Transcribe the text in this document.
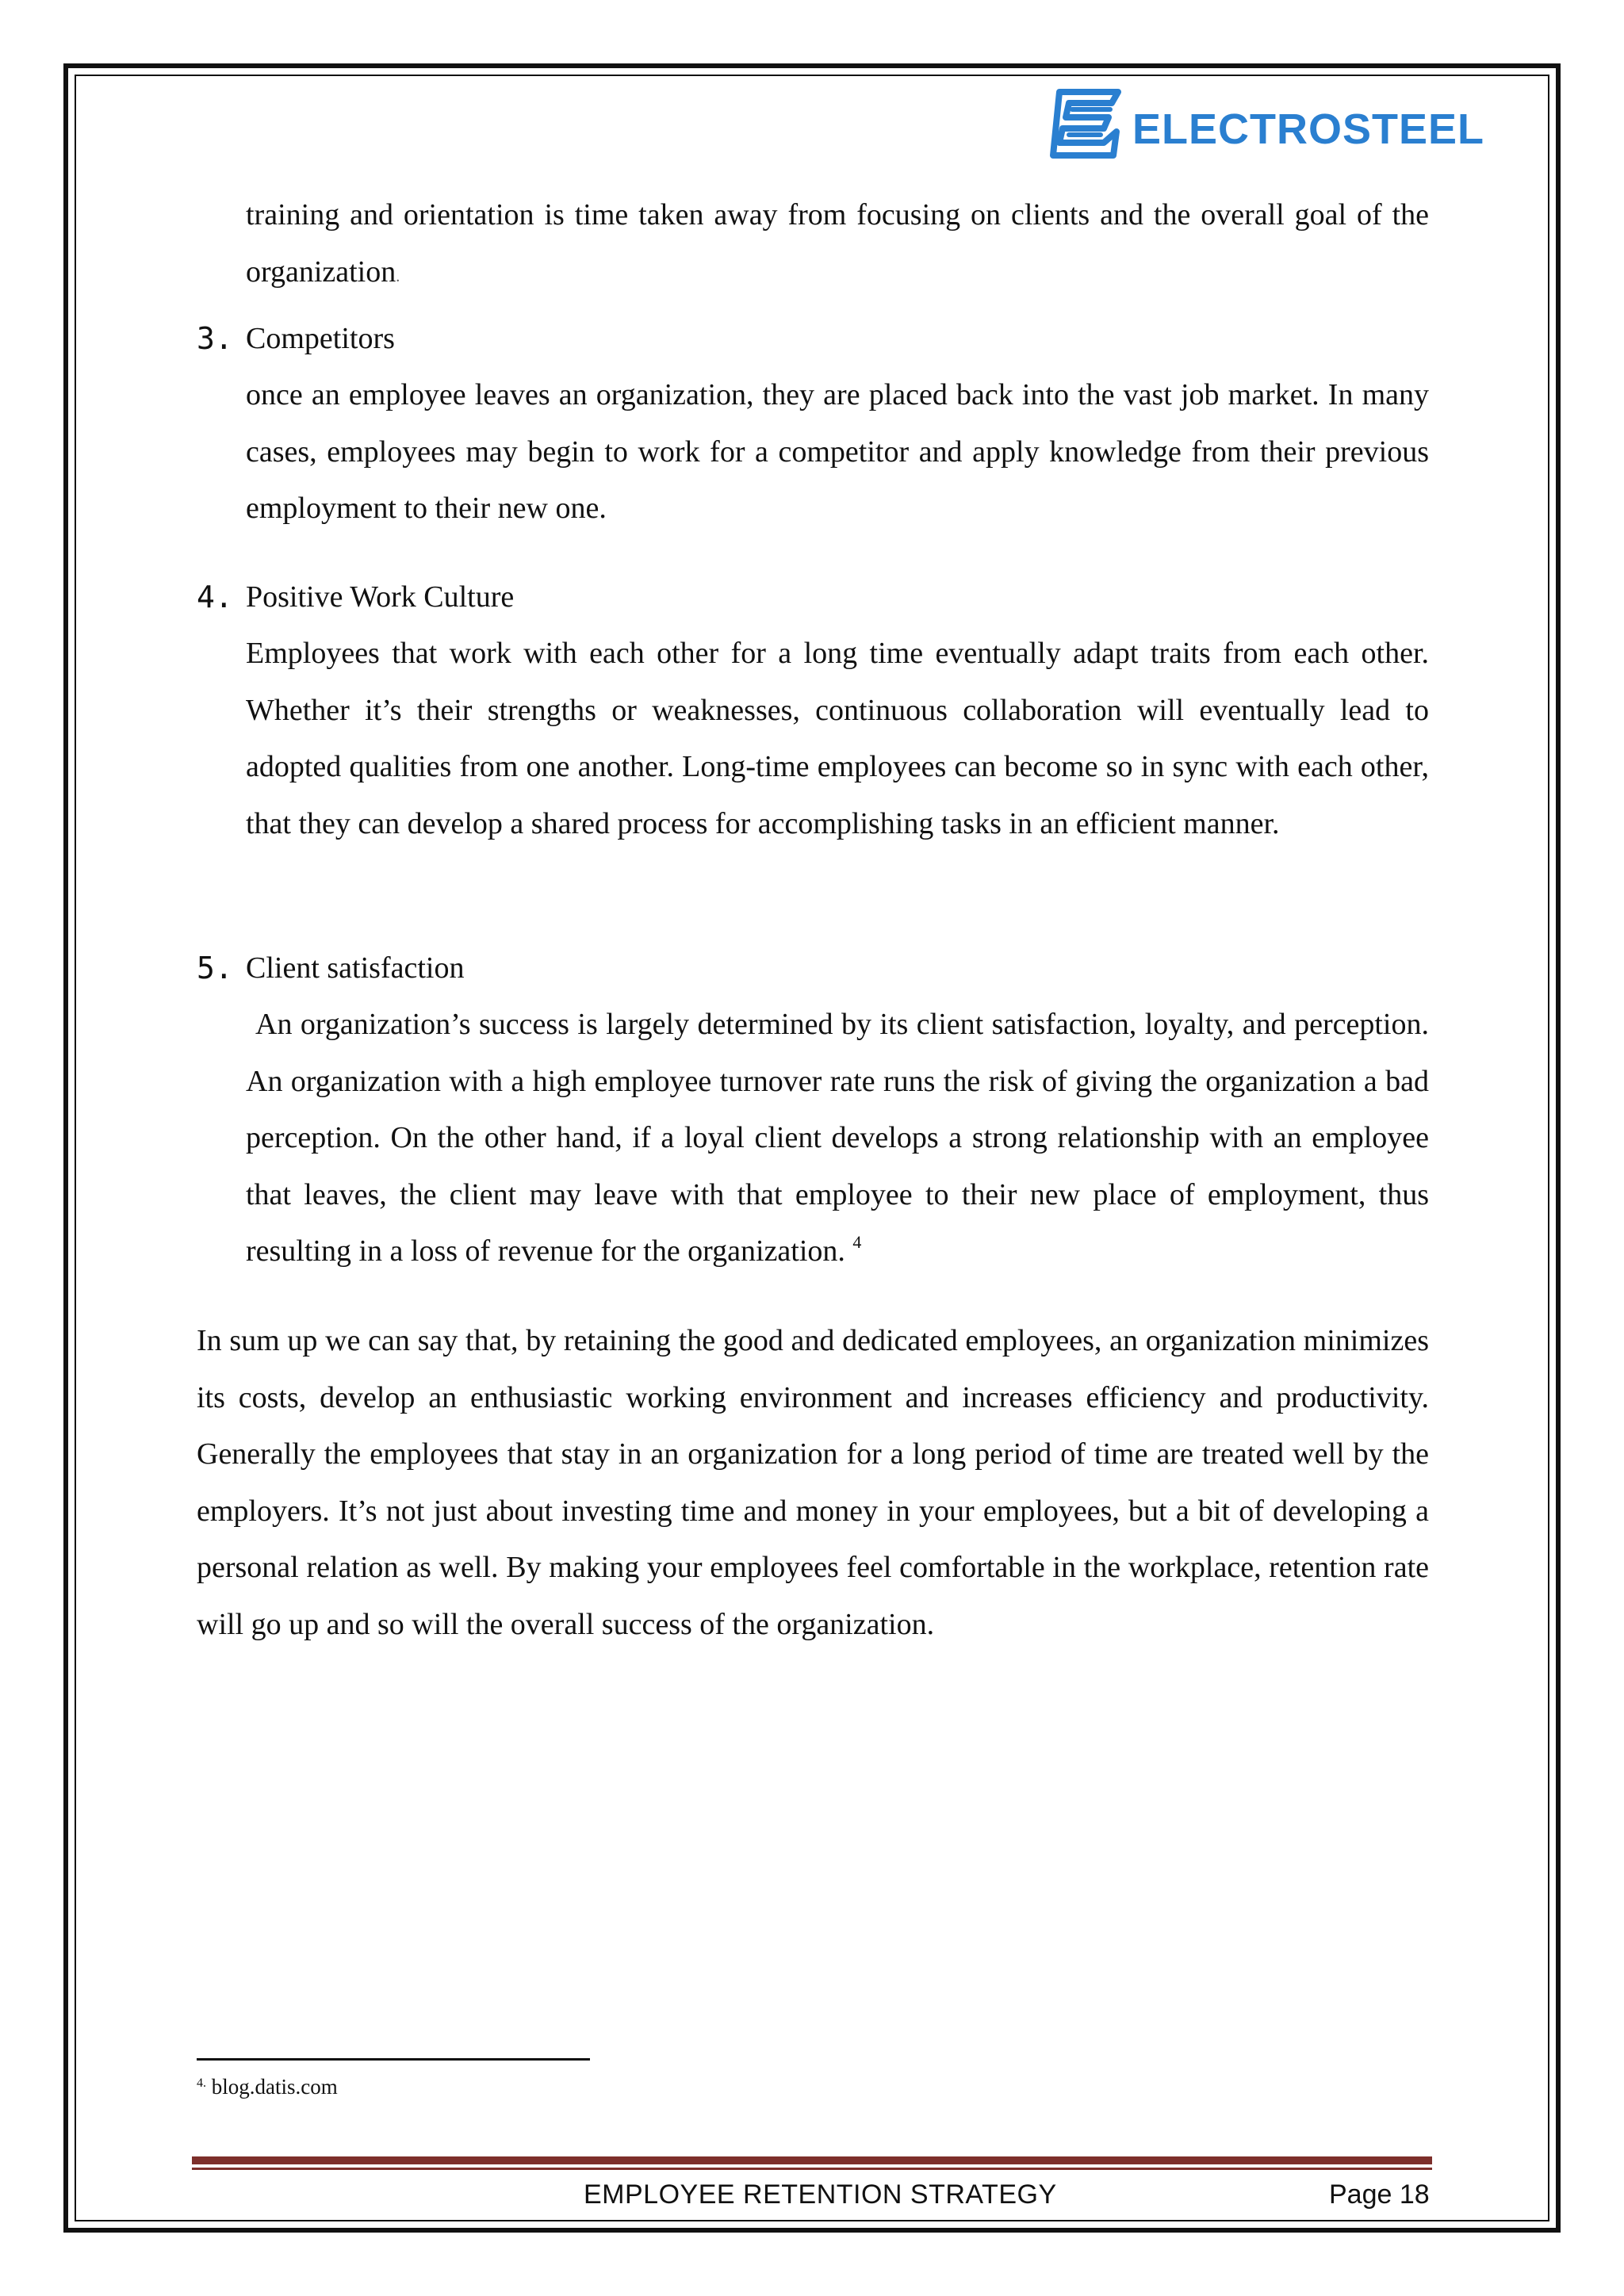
ELECTROSTEEL

training and orientation is time taken away from focusing on clients and the overall goal of the organization.

3. Competitors

once an employee leaves an organization, they are placed back into the vast job market. In many cases, employees may begin to work for a competitor and apply knowledge from their previous employment to their new one.

4. Positive Work Culture

Employees that work with each other for a long time eventually adapt traits from each other. Whether it’s their strengths or weaknesses, continuous collaboration will eventually lead to adopted qualities from one another. Long-time employees can become so in sync with each other, that they can develop a shared process for accomplishing tasks in an efficient manner.

5. Client satisfaction

An organization’s success is largely determined by its client satisfaction, loyalty, and perception. An organization with a high employee turnover rate runs the risk of giving the organization a bad perception. On the other hand, if a loyal client develops a strong relationship with an employee that leaves, the client may leave with that employee to their new place of employment, thus resulting in a loss of revenue for the organization. $^4$

In sum up we can say that, by retaining the good and dedicated employees, an organization minimizes its costs, develop an enthusiastic working environment and increases efficiency and productivity. Generally the employees that stay in an organization for a long period of time are treated well by the employers. It’s not just about investing time and money in your employees, but a bit of developing a personal relation as well. By making your employees feel comfortable in the workplace, retention rate will go up and so will the overall success of the organization.

$^{4.}$ blog.datis.com
EMPLOYEE RETENTION STRATEGY	Page 18
